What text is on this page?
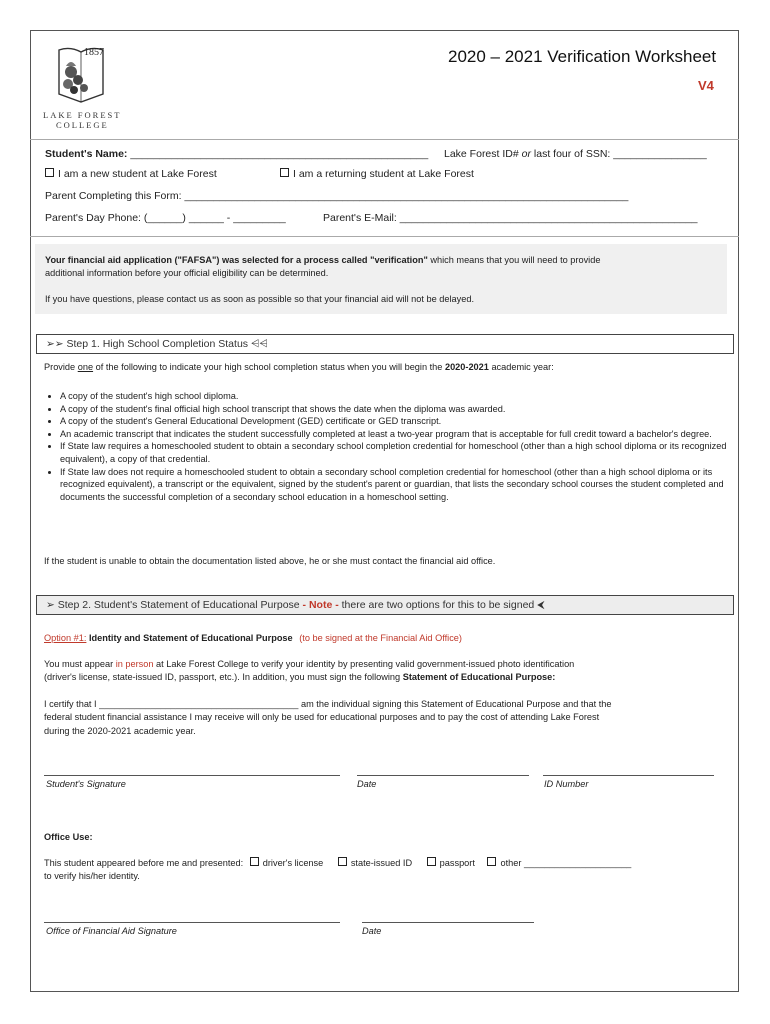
1857
LAKE FOREST
COLLEGE
2020 – 2021 Verification Worksheet
V4
Student's Name: ___________________________________________________ Lake Forest ID# or last four of SSN: ________________
I am a new student at Lake Forest	I am a returning student at Lake Forest
Parent Completing this Form: ____________________________________________________________________________
Parent's Day Phone: (______) ______ - _________	Parent's E-Mail: ___________________________________________________
Your financial aid application ("FAFSA") was selected for a process called "verification" which means that you will need to provide
additional information before your official eligibility can be determined.
If you have questions, please contact us as soon as possible so that your financial aid will not be delayed.
➢➢ Step 1. High School Completion Status ⩤⩤
Provide one of the following to indicate your high school completion status when you will begin the 2020-2021 academic year:
• A copy of the student's high school diploma.
• A copy of the student's final official high school transcript that shows the date when the diploma was awarded.
• A copy of the student's General Educational Development (GED) certificate or GED transcript.
• An academic transcript that indicates the student successfully completed at least a two-year program that is acceptable for full credit toward a bachelor's degree.
• If State law requires a homeschooled student to obtain a secondary school completion credential for homeschool (other than a high school diploma or its recognized equivalent), a copy of that credential.
• If State law does not require a homeschooled student to obtain a secondary school completion credential for homeschool (other than a high school diploma or its recognized equivalent), a transcript or the equivalent, signed by the student's parent or guardian, that lists the secondary school courses the student completed and documents the successful completion of a secondary school education in a homeschool setting.
If the student is unable to obtain the documentation listed above, he or she must contact the financial aid office.
➢ Step 2. Student's Statement of Educational Purpose - Note - there are two options for this to be signed ⮜
Option #1: Identity and Statement of Educational Purpose (to be signed at the Financial Aid Office)
You must appear in person at Lake Forest College to verify your identity by presenting valid government-issued photo identification
(driver's license, state-issued ID, passport, etc.). In addition, you must sign the following Statement of Educational Purpose:
I certify that I _______________________________________ am the individual signing this Statement of Educational Purpose and that the
federal student financial assistance I may receive will only be used for educational purposes and to pay the cost of attending Lake Forest
during the 2020-2021 academic year.
Student's Signature	Date	ID Number
Office Use:
This student appeared before me and presented: driver's license	state-issued ID	passport	other _____________________
to verify his/her identity.
Office of Financial Aid Signature	Date
